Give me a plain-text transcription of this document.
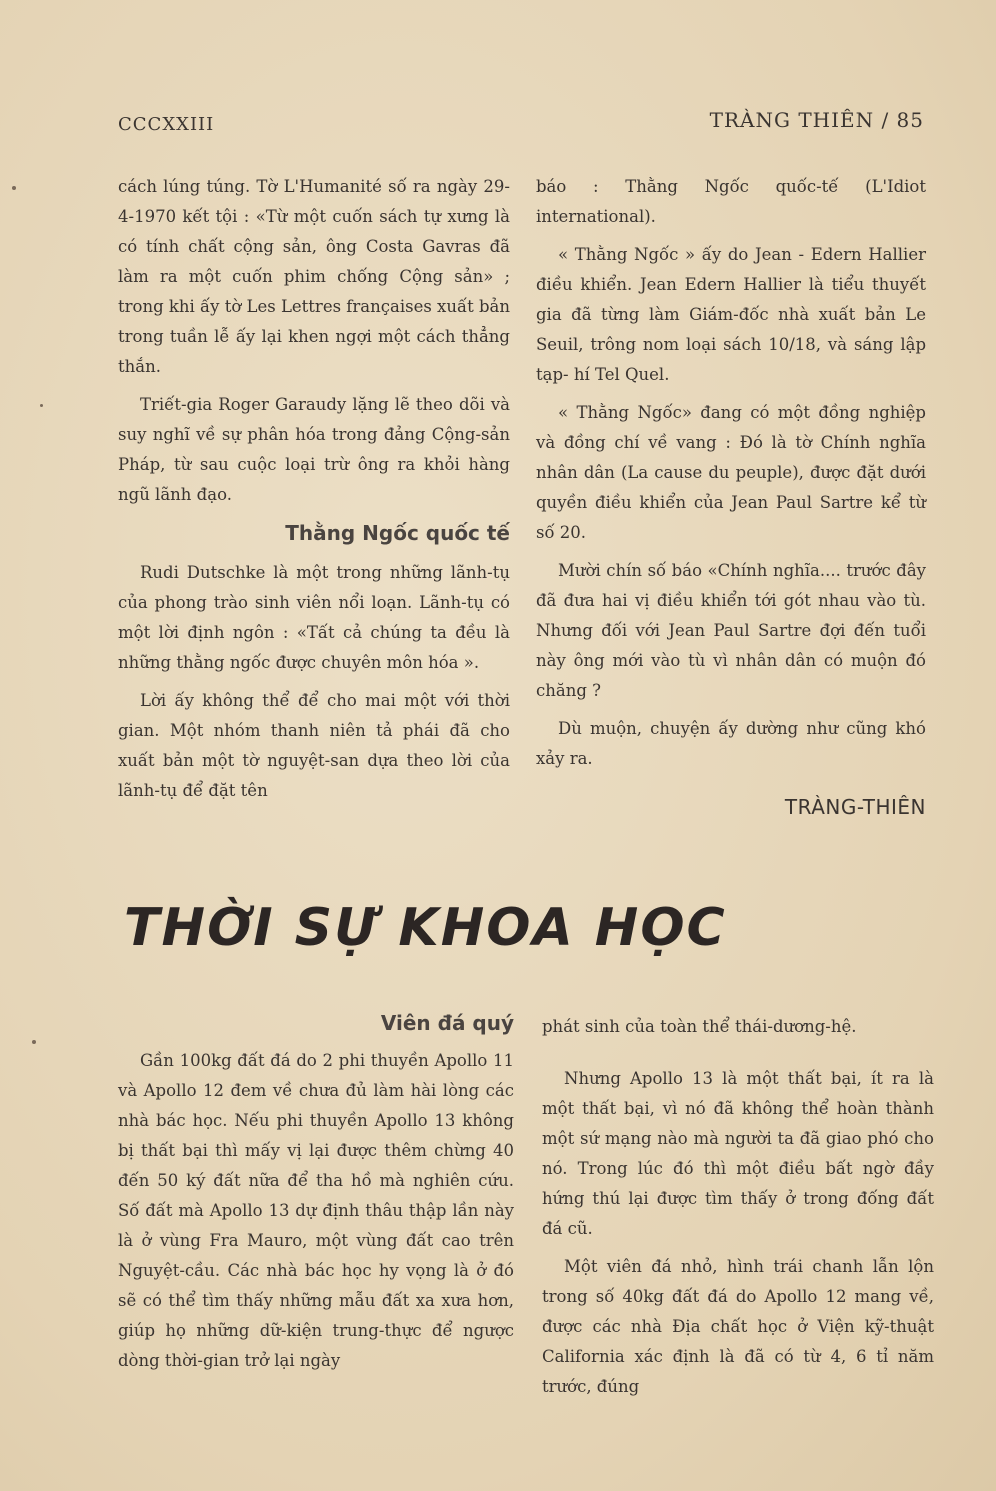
CCCXXIII	TRÀNG THIÊN / 85

cách lúng túng. Tờ L'Humanité số ra ngày 29-4-1970 kết tội : «Từ một cuốn sách tự xưng là có tính chất cộng sản, ông Costa Gavras đã làm ra một cuốn phim chống Cộng sản» ; trong khi ấy tờ Les Lettres françaises xuất bản trong tuần lễ ấy lại khen ngợi một cách thẳng thắn.

Triết-gia Roger Garaudy lặng lẽ theo dõi và suy nghĩ về sự phân hóa trong đảng Cộng-sản Pháp, từ sau cuộc loại trừ ông ra khỏi hàng ngũ lãnh đạo.

Thằng Ngốc quốc tế

Rudi Dutschke là một trong những lãnh-tụ của phong trào sinh viên nổi loạn. Lãnh-tụ có một lời định ngôn : «Tất cả chúng ta đều là những thằng ngốc được chuyên môn hóa ».

Lời ấy không thể để cho mai một với thời gian. Một nhóm thanh niên tả phái đã cho xuất bản một tờ nguyệt-san dựa theo lời của lãnh-tụ để đặt tên

báo : Thằng Ngốc quốc-tế (L'Idiot international).

« Thằng Ngốc » ấy do Jean - Edern Hallier điều khiển. Jean Edern Hallier là tiểu thuyết gia đã từng làm Giám-đốc nhà xuất bản Le Seuil, trông nom loại sách 10/18, và sáng lập tạp- hí Tel Quel.

« Thằng Ngốc» đang có một đồng nghiệp và đồng chí về vang : Đó là tờ Chính nghĩa nhân dân (La cause du peuple), được đặt dưới quyền điều khiển của Jean Paul Sartre kể từ số 20.

Mười chín số báo «Chính nghĩa.... trước đây đã đưa hai vị điều khiển tới gót nhau vào tù. Nhưng đối với Jean Paul Sartre đợi đến tuổi này ông mới vào tù vì nhân dân có muộn đó chăng ?

Dù muộn, chuyện ấy dường như cũng khó xảy ra.

TRÀNG-THIÊN
THỜI SỰ KHOA HỌC
Viên đá quý

Gần 100kg đất đá do 2 phi thuyền Apollo 11 và Apollo 12 đem về chưa đủ làm hài lòng các nhà bác học. Nếu phi thuyền Apollo 13 không bị thất bại thì mấy vị lại được thêm chừng 40 đến 50 ký đất nữa để tha hồ mà nghiên cứu. Số đất mà Apollo 13 dự định thâu thập lần này là ở vùng Fra Mauro, một vùng đất cao trên Nguyệt-cầu. Các nhà bác học hy vọng là ở đó sẽ có thể tìm thấy những mẫu đất xa xưa hơn, giúp họ những dữ-kiện trung-thực để ngược dòng thời-gian trở lại ngày

phát sinh của toàn thể thái-dương-hệ.

Nhưng Apollo 13 là một thất bại, ít ra là một thất bại, vì nó đã không thể hoàn thành một sứ mạng nào mà người ta đã giao phó cho nó. Trong lúc đó thì một điều bất ngờ đầy hứng thú lại được tìm thấy ở trong đống đất đá cũ.

Một viên đá nhỏ, hình trái chanh lẫn lộn trong số 40kg đất đá do Apollo 12 mang về, được các nhà Địa chất học ở Viện kỹ-thuật California xác định là đã có từ 4, 6 tỉ năm trước, đúng
